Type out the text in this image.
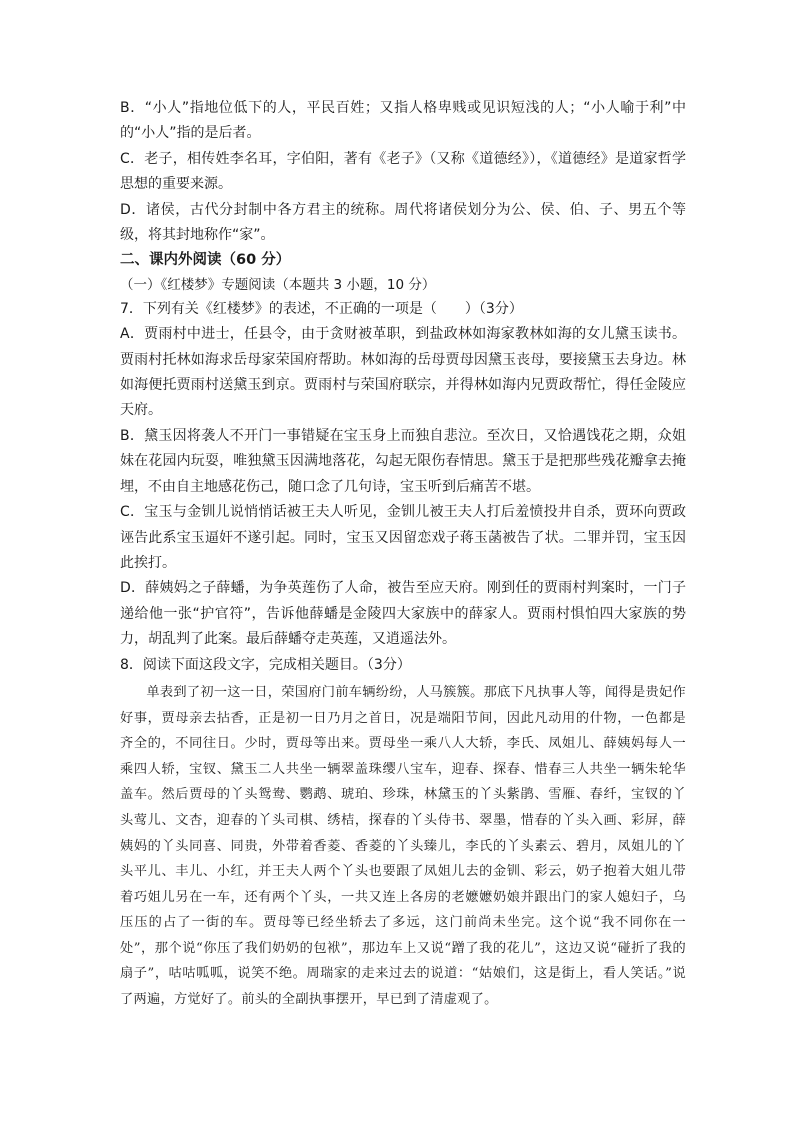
B．“小人”指地位低下的人，平民百姓；又指人格卑贱或见识短浅的人；“小人喻于利”中的“小人”指的是后者。

C．老子，相传姓李名耳，字伯阳，著有《老子》（又称《道德经》），《道德经》是道家哲学思想的重要来源。

D．诸侯，古代分封制中各方君主的统称。周代将诸侯划分为公、侯、伯、子、男五个等级，将其封地称作“家”。

二、课内外阅读（60 分）

（一）《红楼梦》专题阅读（本题共 3 小题，10 分）

7．下列有关《红楼梦》的表述，不正确的一项是（　　）（3分）

A．贾雨村中进士，任县令，由于贪财被革职，到盐政林如海家教林如海的女儿黛玉读书。贾雨村托林如海求岳母家荣国府帮助。林如海的岳母贾母因黛玉丧母，要接黛玉去身边。林如海便托贾雨村送黛玉到京。贾雨村与荣国府联宗，并得林如海内兄贾政帮忙，得任金陵应天府。

B．黛玉因将袭人不开门一事错疑在宝玉身上而独自悲泣。至次日，又恰遇饯花之期，众姐妹在花园内玩耍，唯独黛玉因满地落花，勾起无限伤春情思。黛玉于是把那些残花瓣拿去掩埋，不由自主地感花伤己，随口念了几句诗，宝玉听到后痛苦不堪。

C．宝玉与金钏儿说悄悄话被王夫人听见，金钏儿被王夫人打后羞愤投井自杀，贾环向贾政诬告此系宝玉逼奸不遂引起。同时，宝玉又因留恋戏子蒋玉菡被告了状。二罪并罚，宝玉因此挨打。

D．薛姨妈之子薛蟠，为争英莲伤了人命，被告至应天府。刚到任的贾雨村判案时，一门子递给他一张“护官符”，告诉他薛蟠是金陵四大家族中的薛家人。贾雨村惧怕四大家族的势力，胡乱判了此案。最后薛蟠夺走英莲，又逍遥法外。

8．阅读下面这段文字，完成相关题目。（3分）

单表到了初一这一日，荣国府门前车辆纷纷，人马簇簇。那底下凡执事人等，闻得是贵妃作好事，贾母亲去拈香，正是初一日乃月之首日，况是端阳节间，因此凡动用的什物，一色都是齐全的，不同往日。少时，贾母等出来。贾母坐一乘八人大轿，李氏、凤姐儿、薛姨妈每人一乘四人轿，宝钗、黛玉二人共坐一辆翠盖珠缨八宝车，迎春、探春、惜春三人共坐一辆朱轮华盖车。然后贾母的丫头鸳鸯、鹦鹉、琥珀、珍珠，林黛玉的丫头紫鹃、雪雁、春纤，宝钗的丫头莺儿、文杏，迎春的丫头司棋、绣桔，探春的丫头侍书、翠墨，惜春的丫头入画、彩屏，薛姨妈的丫头同喜、同贵，外带着香菱、香菱的丫头臻儿，李氏的丫头素云、碧月，凤姐儿的丫头平儿、丰儿、小红，并王夫人两个丫头也要跟了凤姐儿去的金钏、彩云，奶子抱着大姐儿带着巧姐儿另在一车，还有两个丫头，一共又连上各房的老嬷嬷奶娘并跟出门的家人媳妇子，乌压压的占了一街的车。贾母等已经坐轿去了多远，这门前尚未坐完。这个说“我不同你在一处”，那个说“你压了我们奶奶的包袱”，那边车上又说“蹭了我的花儿”，这边又说“碰折了我的扇子”，咕咕呱呱，说笑不绝。周瑞家的走来过去的说道：“姑娘们，这是街上，看人笑话。”说了两遍，方觉好了。前头的全副执事摆开，早已到了清虚观了。
